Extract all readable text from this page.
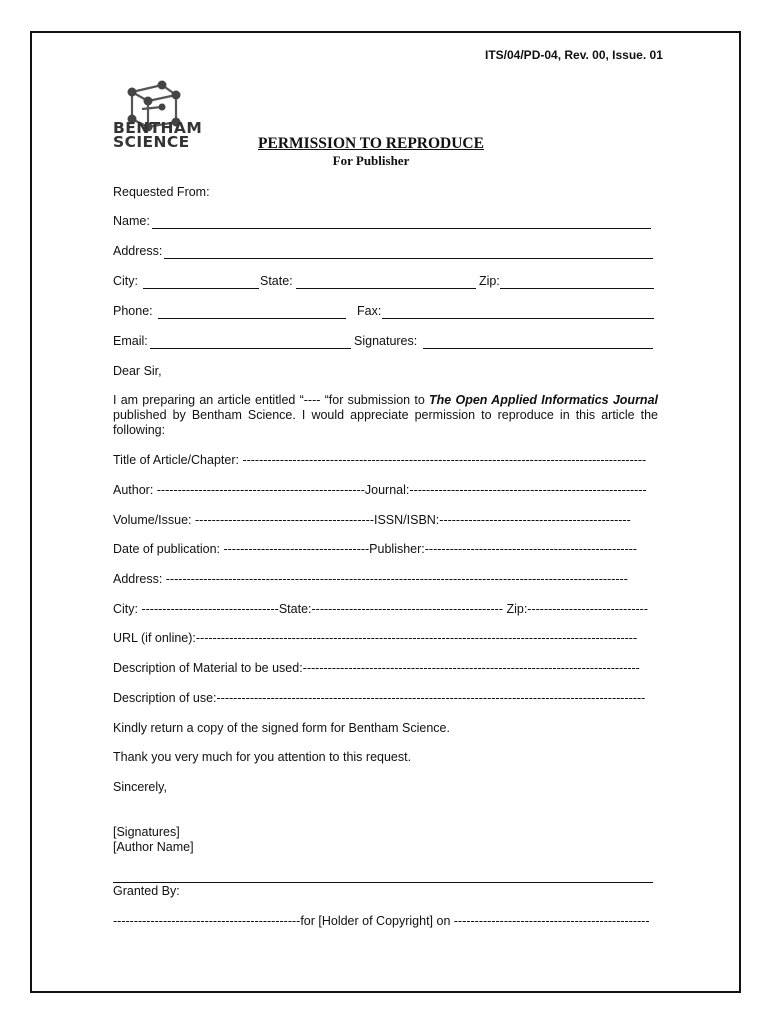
ITS/04/PD-04, Rev. 00, Issue. 01
BENTHAM
SCIENCE	PERMISSION TO REPRODUCE
For Publisher
Requested From:
Name:
Address:
City:	State:	Zip:
Phone:	Fax:
Email:	Signatures:
Dear Sir,
I am preparing an article entitled “---- “for submission to The Open Applied Informatics Journal published by Bentham Science. I would appreciate permission to reproduce in this article the following:
Title of Article/Chapter: -------------------------------------------------------------------------------------------------
Author: --------------------------------------------------Journal:---------------------------------------------------------
Volume/Issue: -------------------------------------------ISSN/ISBN:----------------------------------------------
Date of publication: -----------------------------------Publisher:---------------------------------------------------
Address: ---------------------------------------------------------------------------------------------------------------
City: ---------------------------------State:---------------------------------------------- Zip:-----------------------------
URL (if online):----------------------------------------------------------------------------------------------------------
Description of Material to be used:---------------------------------------------------------------------------------
Description of use:-------------------------------------------------------------------------------------------------------
Kindly return a copy of the signed form for Bentham Science.
Thank you very much for you attention to this request.
Sincerely,
[Signatures]
[Author Name]
Granted By:
---------------------------------------------for [Holder of Copyright] on -----------------------------------------------
